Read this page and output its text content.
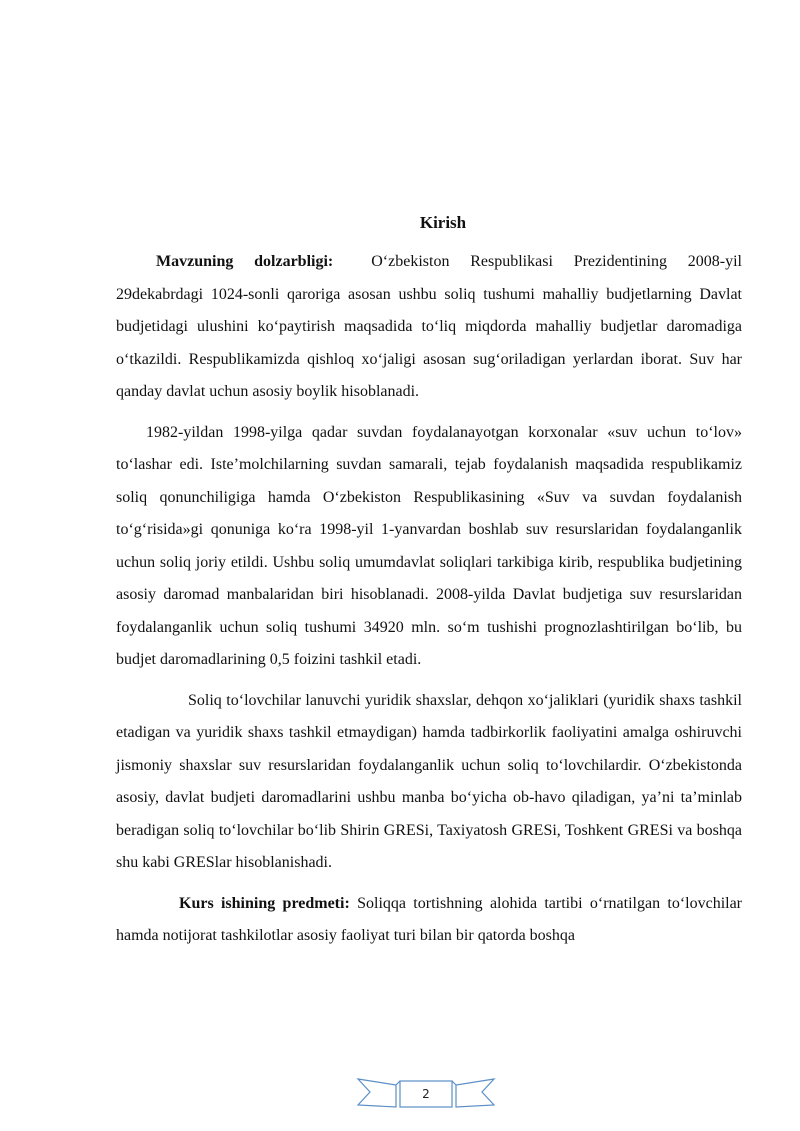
Kirish

Mavzuning dolzarbligi: O‘zbekiston Respublikasi Prezidentining 2008-yil 29dekabrdagi 1024-sonli qaroriga asosan ushbu soliq tushumi mahalliy budjetlarning Davlat budjetidagi ulushini ko‘paytirish maqsadida to‘liq miqdorda mahalliy budjetlar daromadiga o‘tkazildi. Respublikamizda qishloq xo‘jaligi asosan sug‘oriladigan yerlardan iborat. Suv har qanday davlat uchun asosiy boylik hisoblanadi.

1982-yildan 1998-yilga qadar suvdan foydalanayotgan korxonalar «suv uchun to‘lov» to‘lashar edi. Iste’molchilarning suvdan samarali, tejab foydalanish maqsadida respublikamiz soliq qonunchiligiga hamda O‘zbekiston Respublikasining «Suv va suvdan foydalanish to‘g‘risida»gi qonuniga ko‘ra 1998-yil 1-yanvardan boshlab suv resurslaridan foydalanganlik uchun soliq joriy etildi. Ushbu soliq umumdavlat soliqlari tarkibiga kirib, respublika budjetining asosiy daromad manbalaridan biri hisoblanadi. 2008-yilda Davlat budjetiga suv resurslaridan foydalanganlik uchun soliq tushumi 34920 mln. so‘m tushishi prognozlashtirilgan bo‘lib, bu budjet daromadlarining 0,5 foizini tashkil etadi.

Soliq to‘lovchilar lanuvchi yuridik shaxslar, dehqon xo‘jaliklari (yuridik shaxs tashkil etadigan va yuridik shaxs tashkil etmaydigan) hamda tadbirkorlik faoliyatini amalga oshiruvchi jismoniy shaxslar suv resurslaridan foydalanganlik uchun soliq to‘lovchilardir. O‘zbekistonda asosiy, davlat budjeti daromadlarini ushbu manba bo‘yicha ob-havo qiladigan, ya’ni ta’minlab beradigan soliq to‘lovchilar bo‘lib Shirin GRESi, Taxiyatosh GRESi, Toshkent GRESi va boshqa shu kabi GRESlar hisoblanishadi.

Kurs ishining predmeti: Soliqqa tortishning alohida tartibi o‘rnatilgan to‘lovchilar hamda notijorat tashkilotlar asosiy faoliyat turi bilan bir qatorda boshqa

2
